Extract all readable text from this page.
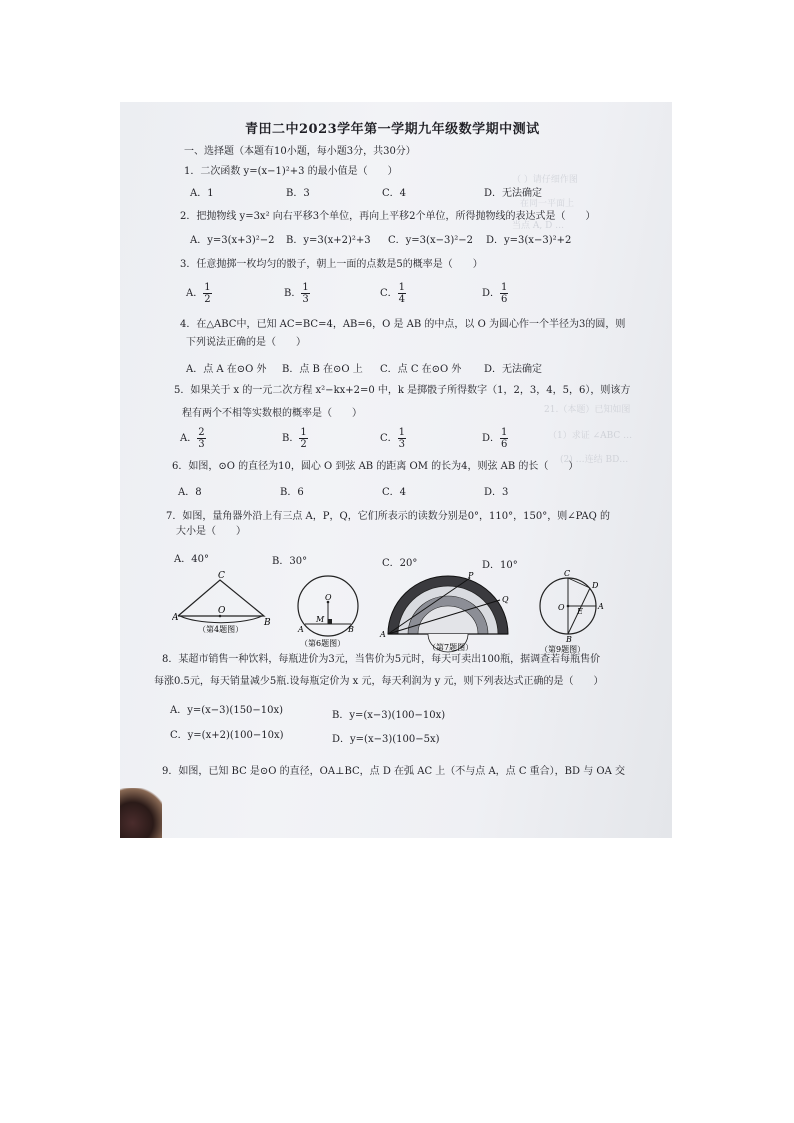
（ ）请仔细作图
在同一平面上
当点 A, D …
21.（本题）已知如图
（1）求证 ∠ABC …
(2) …连结 BD…
青田二中2023学年第一学期九年级数学期中测试
一、选择题（本题有10小题，每小题3分，共30分）
1．二次函数 y=(x−1)²+3 的最小值是（　　）
A．1	B．3	C．4	D．无法确定
2．把抛物线 y=3x² 向右平移3个单位，再向上平移2个单位，所得抛物线的表达式是（　　）
A．y=3(x+3)²−2 B．y=3(x+2)²+3 C．y=3(x−3)²−2 D．y=3(x−3)²+2
3．任意抛掷一枚均匀的骰子，朝上一面的点数是5的概率是（　　）
A． $\frac{1}{2}$	B． $\frac{1}{3}$	C． $\frac{1}{4}$	D． $\frac{1}{6}$
4．在△ABC中，已知 AC=BC=4，AB=6，O 是 AB 的中点，以 O 为圆心作一个半径为3的圆，则
下列说法正确的是（　　）
A．点 A 在⊙O 外 B．点 B 在⊙O 上 C．点 C 在⊙O 外 D．无法确定
5．如果关于 x 的一元二次方程 x²−kx+2=0 中，k 是掷骰子所得数字（1，2，3，4，5，6），则该方
程有两个不相等实数根的概率是（　　）
A． $\frac{2}{3}$	B． $\frac{1}{2}$	C． $\frac{1}{3}$	D． $\frac{1}{6}$
6．如图，⊙O 的直径为10，圆心 O 到弦 AB 的距离 OM 的长为4，则弦 AB 的长（　　）
A．8	B．6	C．4	D．3
7．如图，量角器外沿上有三点 A，P，Q，它们所表示的读数分别是0°，110°，150°，则∠PAQ 的
大小是（　　）
A．40°	B．30°	C．20°	D．10°
C
A
O
B
（第4题图）
O
A
M
B
（第6题图）
P
Q
A
（第7题图）
C
D
O E
A
B
（第9题图）
8．某超市销售一种饮料，每瓶进价为3元，当售价为5元时，每天可卖出100瓶，据调查若每瓶售价
每涨0.5元，每天销量减少5瓶.设每瓶定价为 x 元，每天利润为 y 元，则下列表达式正确的是（　　）
A．y=(x−3)(150−10x)	B．y=(x−3)(100−10x)
C．y=(x+2)(100−10x)	D．y=(x−3)(100−5x)
9．如图，已知 BC 是⊙O 的直径，OA⊥BC，点 D 在弧 AC 上（不与点 A，点 C 重合），BD 与 OA 交
